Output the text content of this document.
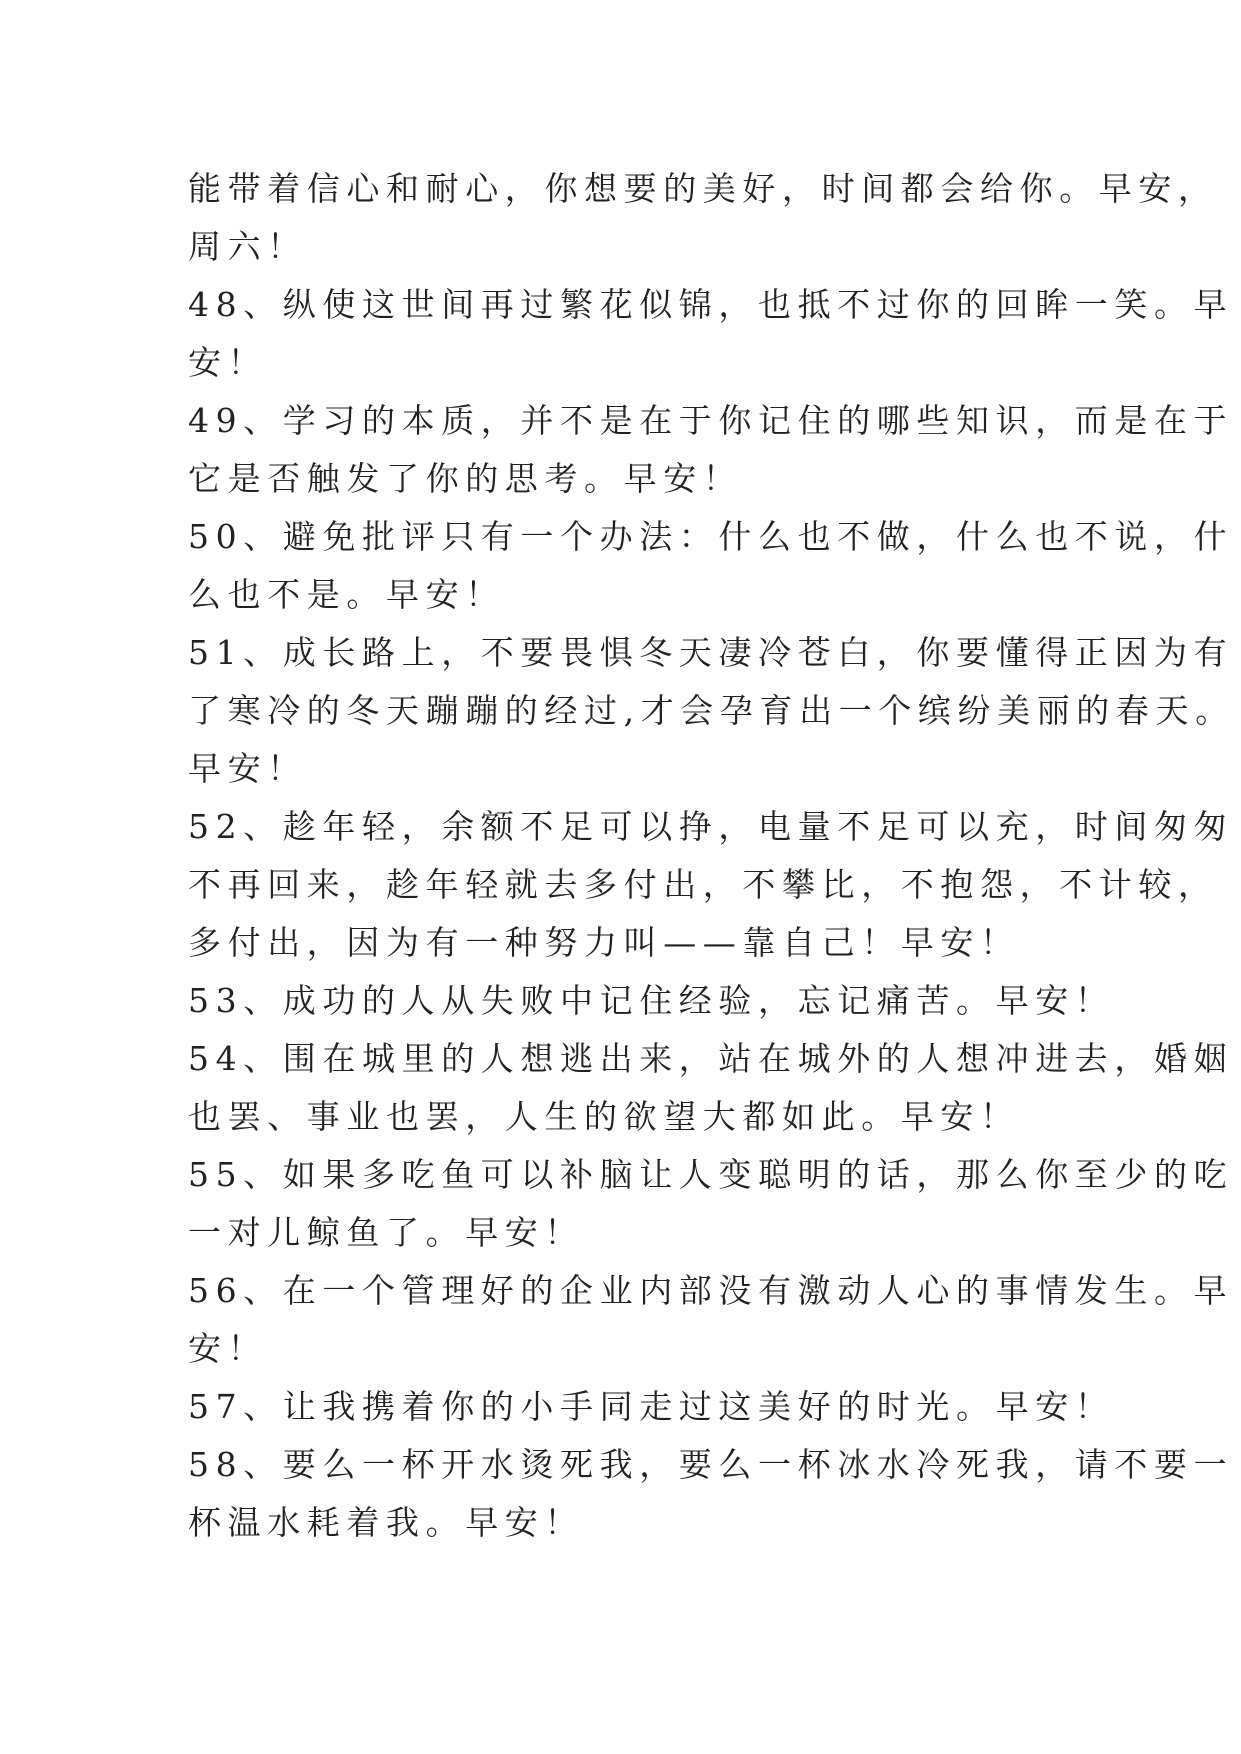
能带着信心和耐心，你想要的美好，时间都会给你。早安，
周六！
48、纵使这世间再过繁花似锦，也抵不过你的回眸一笑。早
安！
49、学习的本质，并不是在于你记住的哪些知识，而是在于
它是否触发了你的思考。早安！
50、避免批评只有一个办法：什么也不做，什么也不说，什
么也不是。早安！
51、成长路上，不要畏惧冬天凄冷苍白，你要懂得正因为有
了寒冷的冬天蹦蹦的经过,才会孕育出一个缤纷美丽的春天。
早安！
52、趁年轻，余额不足可以挣，电量不足可以充，时间匆匆
不再回来，趁年轻就去多付出，不攀比，不抱怨，不计较，
多付出，因为有一种努力叫——靠自己！早安！
53、成功的人从失败中记住经验，忘记痛苦。早安！
54、围在城里的人想逃出来，站在城外的人想冲进去，婚姻
也罢、事业也罢，人生的欲望大都如此。早安！
55、如果多吃鱼可以补脑让人变聪明的话，那么你至少的吃
一对儿鲸鱼了。早安！
56、在一个管理好的企业内部没有激动人心的事情发生。早
安！
57、让我携着你的小手同走过这美好的时光。早安！
58、要么一杯开水烫死我，要么一杯冰水冷死我，请不要一
杯温水耗着我。早安！
